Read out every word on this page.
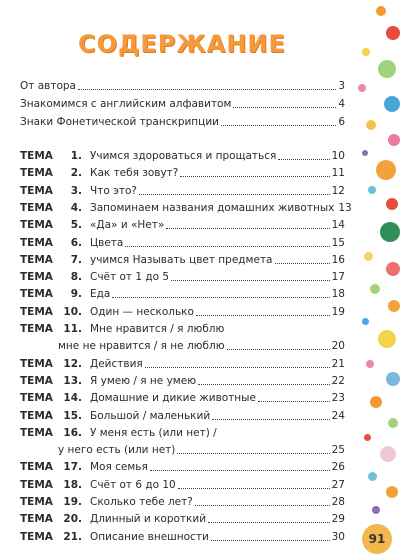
СОДЕРЖАНИЕ
От автора	3
Знакомимся с английским алфавитом	4
Знаки Фонетической транскрипции	6
ТЕМА	1. Учимся здороваться и прощаться	10
ТЕМА	2. Как тебя зовут?	11
ТЕМА	3. Что это?	12
ТЕМА	4. Запоминаем названия домашних животных 13
ТЕМА	5. «Да» и «Нет»	14
ТЕМА	6. Цвета	15
ТЕМА	7. учимся Называть цвет предмета	16
ТЕМА	8. Счёт от 1 до 5	17
ТЕМА	9. Еда	18
ТЕМА 10. Один — несколько	19
ТЕМА 11. Мне нравится / я люблю
мне не нравится / я не люблю	20
ТЕМА 12. Действия	21
ТЕМА 13. Я умею / я не умею	22
ТЕМА 14. Домашние и дикие животные	23
ТЕМА 15. Большой / маленький	24
ТЕМА 16. У меня есть (или нет) /
у него есть (или нет)	25
ТЕМА 17. Моя семья	26
ТЕМА 18. Счёт от 6 до 10	27
ТЕМА 19. Сколько тебе лет?	28
ТЕМА 20. Длинный и короткий	29
ТЕМА 21. Описание внешности	30 91
